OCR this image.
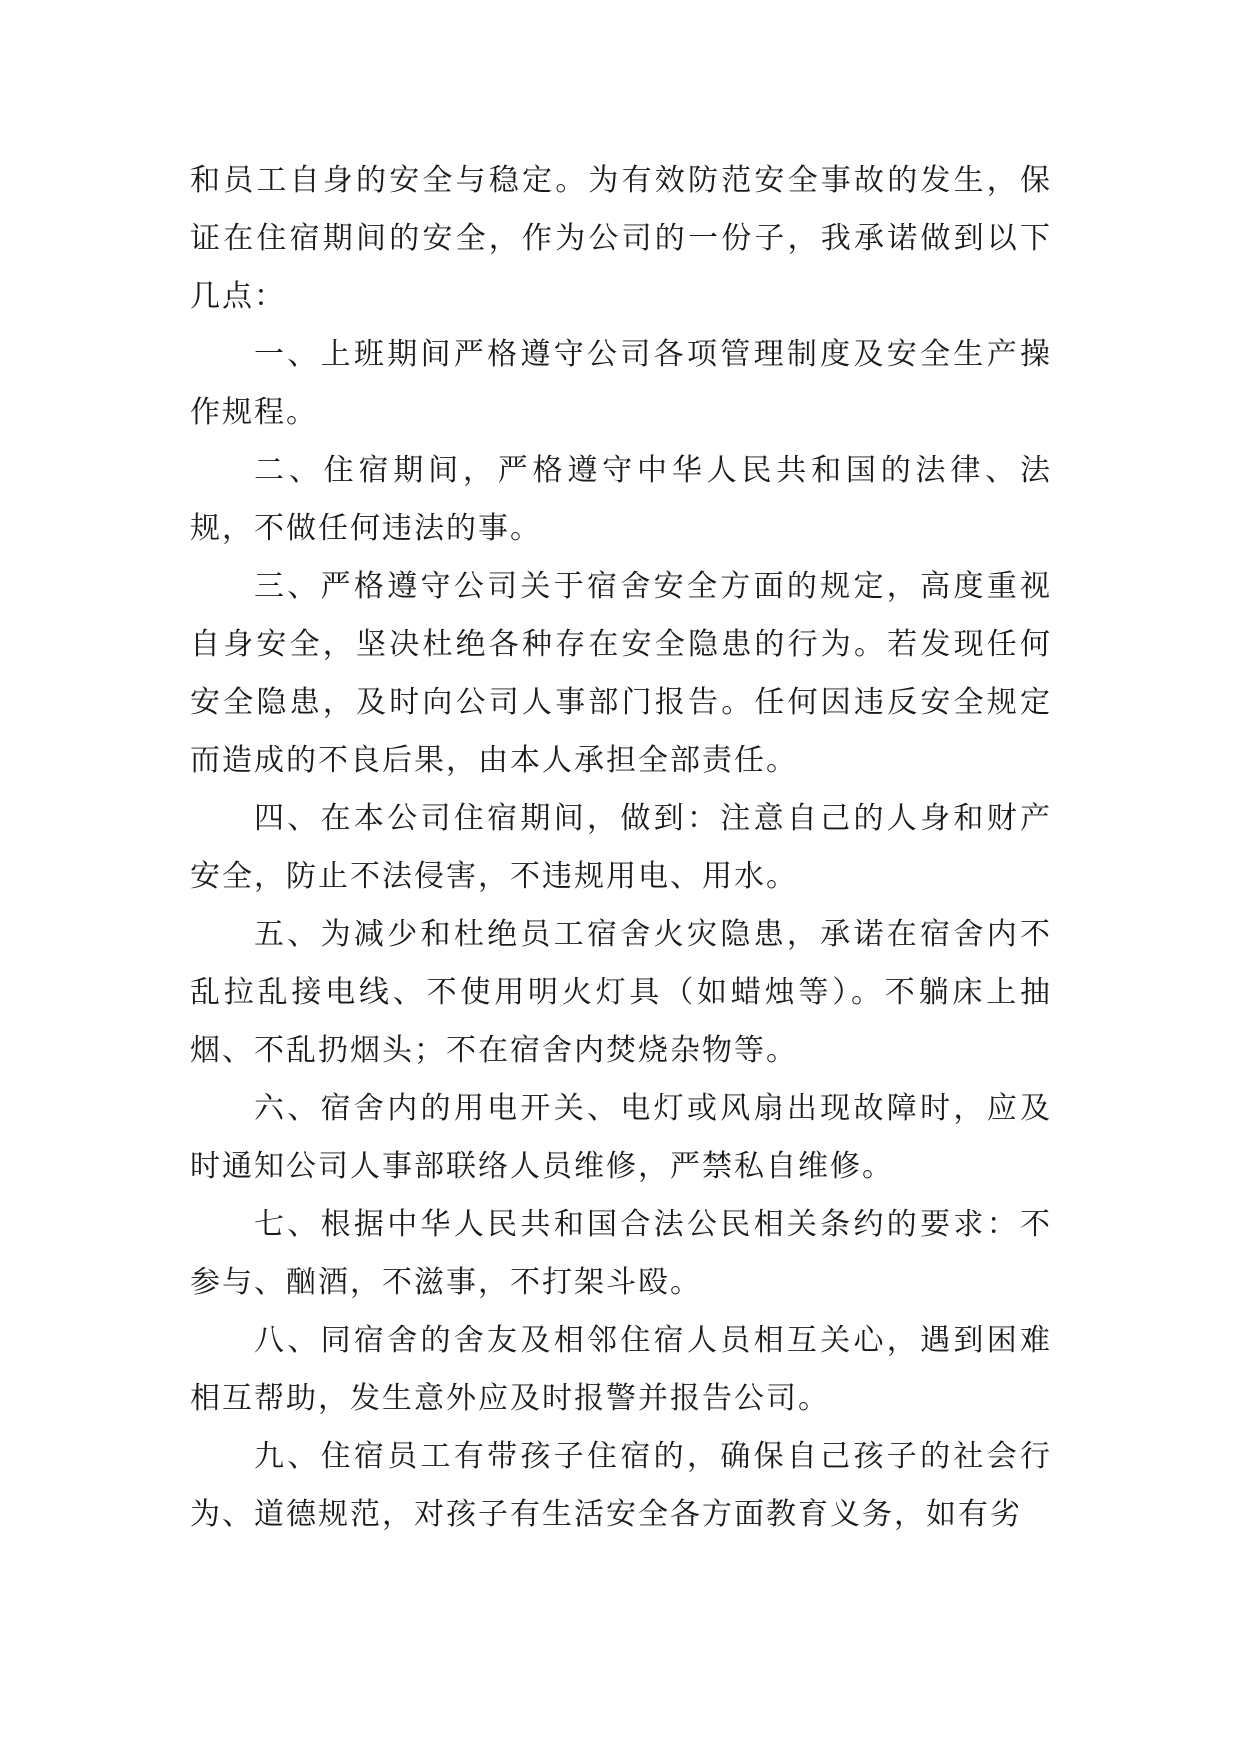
和员工自身的安全与稳定。为有效防范安全事故的发生，保证在住宿期间的安全，作为公司的一份子，我承诺做到以下几点：

一、上班期间严格遵守公司各项管理制度及安全生产操作规程。

二、住宿期间，严格遵守中华人民共和国的法律、法规，不做任何违法的事。

三、严格遵守公司关于宿舍安全方面的规定，高度重视自身安全，坚决杜绝各种存在安全隐患的行为。若发现任何安全隐患，及时向公司人事部门报告。任何因违反安全规定而造成的不良后果，由本人承担全部责任。

四、在本公司住宿期间，做到：注意自己的人身和财产安全，防止不法侵害，不违规用电、用水。

五、为减少和杜绝员工宿舍火灾隐患，承诺在宿舍内不乱拉乱接电线、不使用明火灯具（如蜡烛等）。不躺床上抽烟、不乱扔烟头；不在宿舍内焚烧杂物等。

六、宿舍内的用电开关、电灯或风扇出现故障时，应及时通知公司人事部联络人员维修，严禁私自维修。

七、根据中华人民共和国合法公民相关条约的要求：不参与、酗酒，不滋事，不打架斗殴。

八、同宿舍的舍友及相邻住宿人员相互关心，遇到困难相互帮助，发生意外应及时报警并报告公司。

九、住宿员工有带孩子住宿的，确保自己孩子的社会行为、道德规范，对孩子有生活安全各方面教育义务，如有劣
